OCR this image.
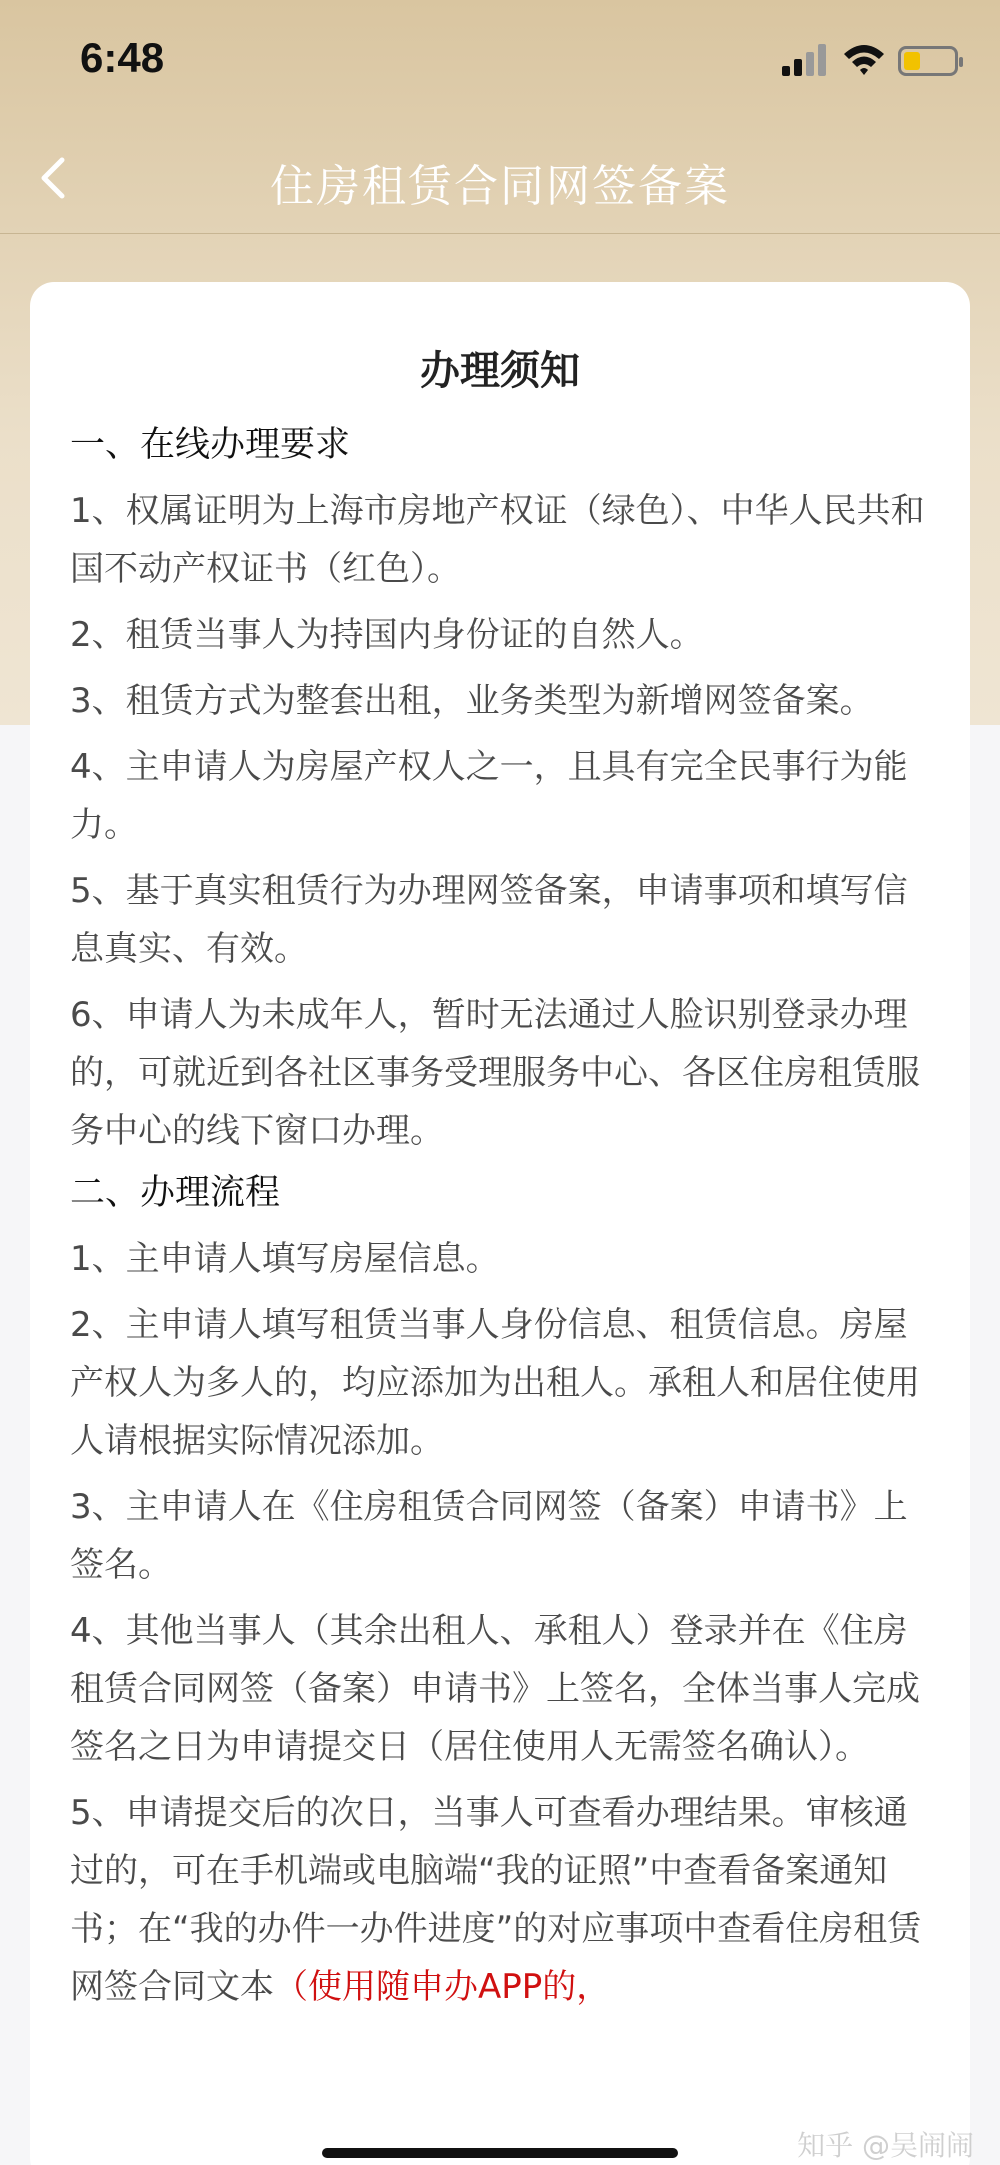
6:48
住房租赁合同网签备案
办理须知
一、在线办理要求
1、权属证明为上海市房地产权证（绿色）、中华人民共和国不动产权证书（红色）。
2、租赁当事人为持国内身份证的自然人。
3、租赁方式为整套出租，业务类型为新增网签备案。
4、主申请人为房屋产权人之一，且具有完全民事行为能力。
5、基于真实租赁行为办理网签备案，申请事项和填写信息真实、有效。
6、申请人为未成年人，暂时无法通过人脸识别登录办理的，可就近到各社区事务受理服务中心、各区住房租赁服务中心的线下窗口办理。
二、办理流程
1、主申请人填写房屋信息。
2、主申请人填写租赁当事人身份信息、租赁信息。房屋产权人为多人的，均应添加为出租人。承租人和居住使用人请根据实际情况添加。
3、主申请人在《住房租赁合同网签（备案）申请书》上签名。
4、其他当事人（其余出租人、承租人）登录并在《住房租赁合同网签（备案）申请书》上签名，全体当事人完成签名之日为申请提交日（居住使用人无需签名确认）。
5、申请提交后的次日，当事人可查看办理结果。审核通过的，可在手机端或电脑端“我的证照”中查看备案通知书；在“我的办件一办件进度”的对应事项中查看住房租赁网签合同文本（使用随申办APP的，
知乎 @吴闹闹
